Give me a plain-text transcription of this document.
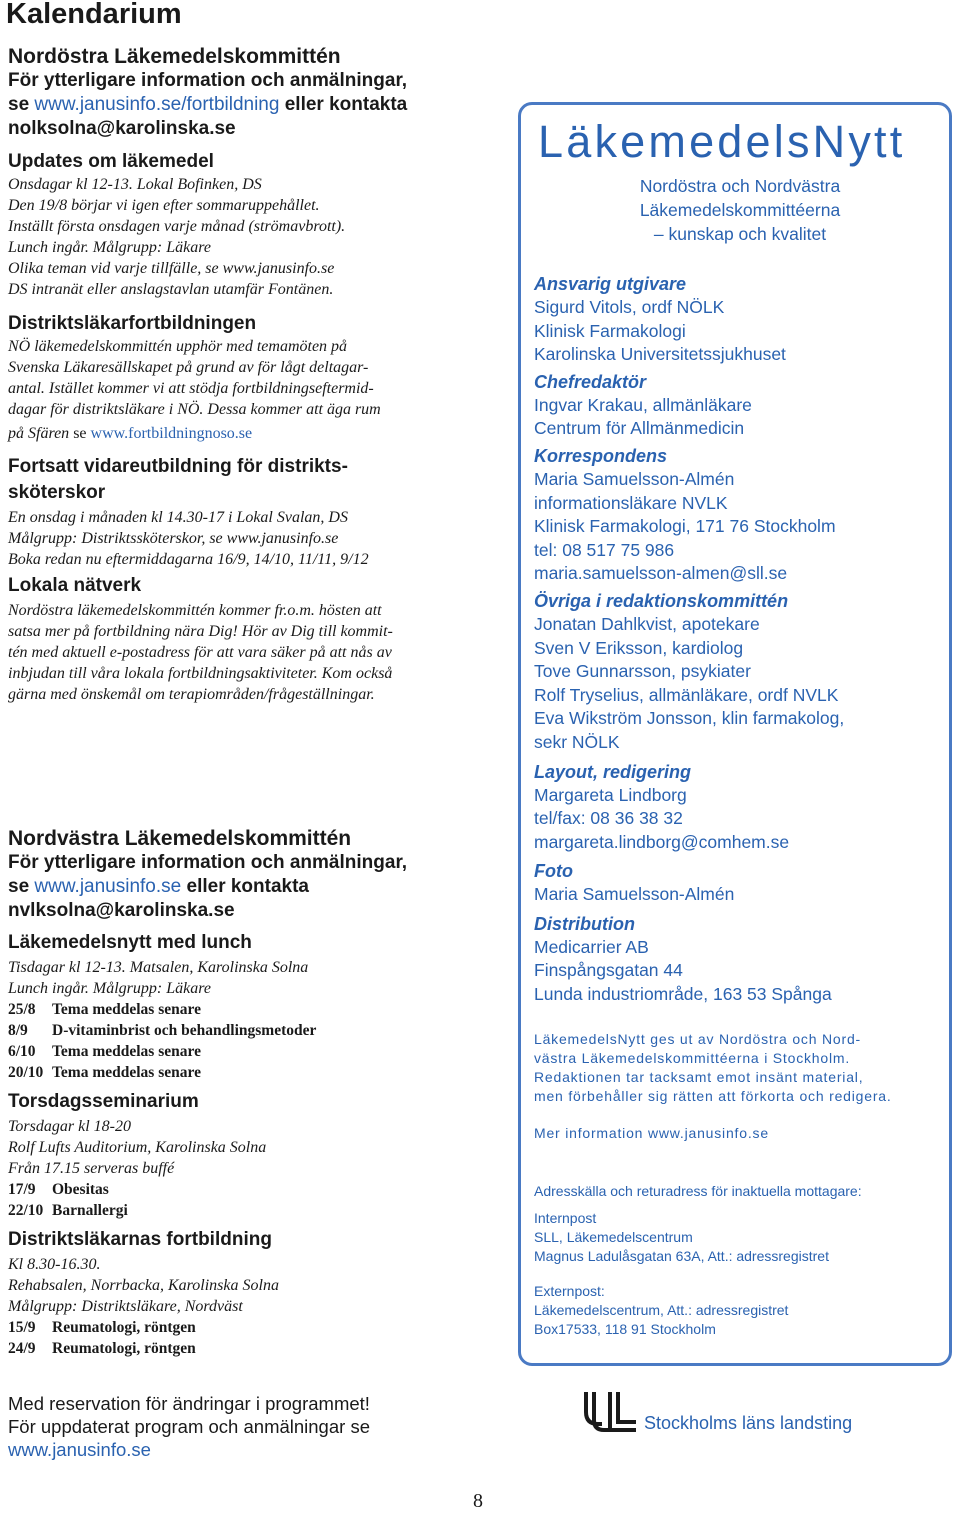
Kalendarium
Nordöstra Läkemedelskommittén
För ytterligare information och anmälningar,
se www.janusinfo.se/fortbildning eller kontakta
nolksolna@karolinska.se
Updates om läkemedel
Onsdagar kl 12-13. Lokal Bofinken, DS
Den 19/8 börjar vi igen efter sommaruppehållet.
Inställt första onsdagen varje månad (strömavbrott).
Lunch ingår. Målgrupp: Läkare
Olika teman vid varje tillfälle, se www.janusinfo.se
DS intranät eller anslagstavlan utamfär Fontänen.
Distriktsläkarfortbildningen
NÖ läkemedelskommittén upphör med temamöten på
Svenska Läkaresällskapet på grund av för lågt deltagar-
antal. Istället kommer vi att stödja fortbildningseftermid-
dagar för distriktsläkare i NÖ. Dessa kommer att äga rum
på Sfären se www.fortbildningnoso.se
Fortsatt vidareutbildning för distrikts-
sköterskor
En onsdag i månaden kl 14.30-17 i Lokal Svalan, DS
Målgrupp: Distriktssköterskor, se www.janusinfo.se
Boka redan nu eftermiddagarna 16/9, 14/10, 11/11, 9/12
Lokala nätverk
Nordöstra läkemedelskommittén kommer fr.o.m. hösten att
satsa mer på fortbildning nära Dig! Hör av Dig till kommit-
tén med aktuell e-postadress för att vara säker på att nås av
inbjudan till våra lokala fortbildningsaktiviteter. Kom också
gärna med önskemål om terapiområden/frågeställningar.
Nordvästra Läkemedelskommittén
För ytterligare information och anmälningar,
se www.janusinfo.se eller kontakta
nvlksolna@karolinska.se
Läkemedelsnytt med lunch
Tisdagar kl 12-13. Matsalen, Karolinska Solna
Lunch ingår. Målgrupp: Läkare
25/8 Tema meddelas senare
8/9 D-vitaminbrist och behandlingsmetoder
6/10 Tema meddelas senare
20/10 Tema meddelas senare
Torsdagsseminarium
Torsdagar kl 18-20
Rolf Lufts Auditorium, Karolinska Solna
Från 17.15 serveras buffé
17/9 Obesitas
22/10 Barnallergi
Distriktsläkarnas fortbildning
Kl 8.30-16.30.
Rehabsalen, Norrbacka, Karolinska Solna
Målgrupp: Distriktsläkare, Nordväst
15/9 Reumatologi, röntgen
24/9 Reumatologi, röntgen
Med reservation för ändringar i programmet!
För uppdaterat program och anmälningar se
www.janusinfo.se
LäkemedelsNytt
Nordöstra och Nordvästra
Läkemedelskommittéerna
– kunskap och kvalitet
Ansvarig utgivare
Sigurd Vitols, ordf NÖLK
Klinisk Farmakologi
Karolinska Universitetssjukhuset
Chefredaktör
Ingvar Krakau, allmänläkare
Centrum för Allmänmedicin
Korrespondens
Maria Samuelsson-Almén
informationsläkare NVLK
Klinisk Farmakologi, 171 76 Stockholm
tel: 08 517 75 986
maria.samuelsson-almen@sll.se
Övriga i redaktionskommittén
Jonatan Dahlkvist, apotekare
Sven V Eriksson, kardiolog
Tove Gunnarsson, psykiater
Rolf Tryselius, allmänläkare, ordf NVLK
Eva Wikström Jonsson, klin farmakolog,
sekr NÖLK
Layout, redigering
Margareta Lindborg
tel/fax: 08 36 38 32
margareta.lindborg@comhem.se
Foto
Maria Samuelsson-Almén
Distribution
Medicarrier AB
Finspångsgatan 44
Lunda industriområde, 163 53 Spånga
LäkemedelsNytt ges ut av Nordöstra och Nord-
västra Läkemedelskommittéerna i Stockholm.
Redaktionen tar tacksamt emot insänt material,
men förbehåller sig rätten att förkorta och redigera.
Mer information www.janusinfo.se
Adresskälla och returadress för inaktuella mottagare:
Internpost
SLL, Läkemedelscentrum
Magnus Ladulåsgatan 63A, Att.: adressregistret
Externpost:
Läkemedelscentrum, Att.: adressregistret
Box17533, 118 91 Stockholm
Stockholms läns landsting
8
